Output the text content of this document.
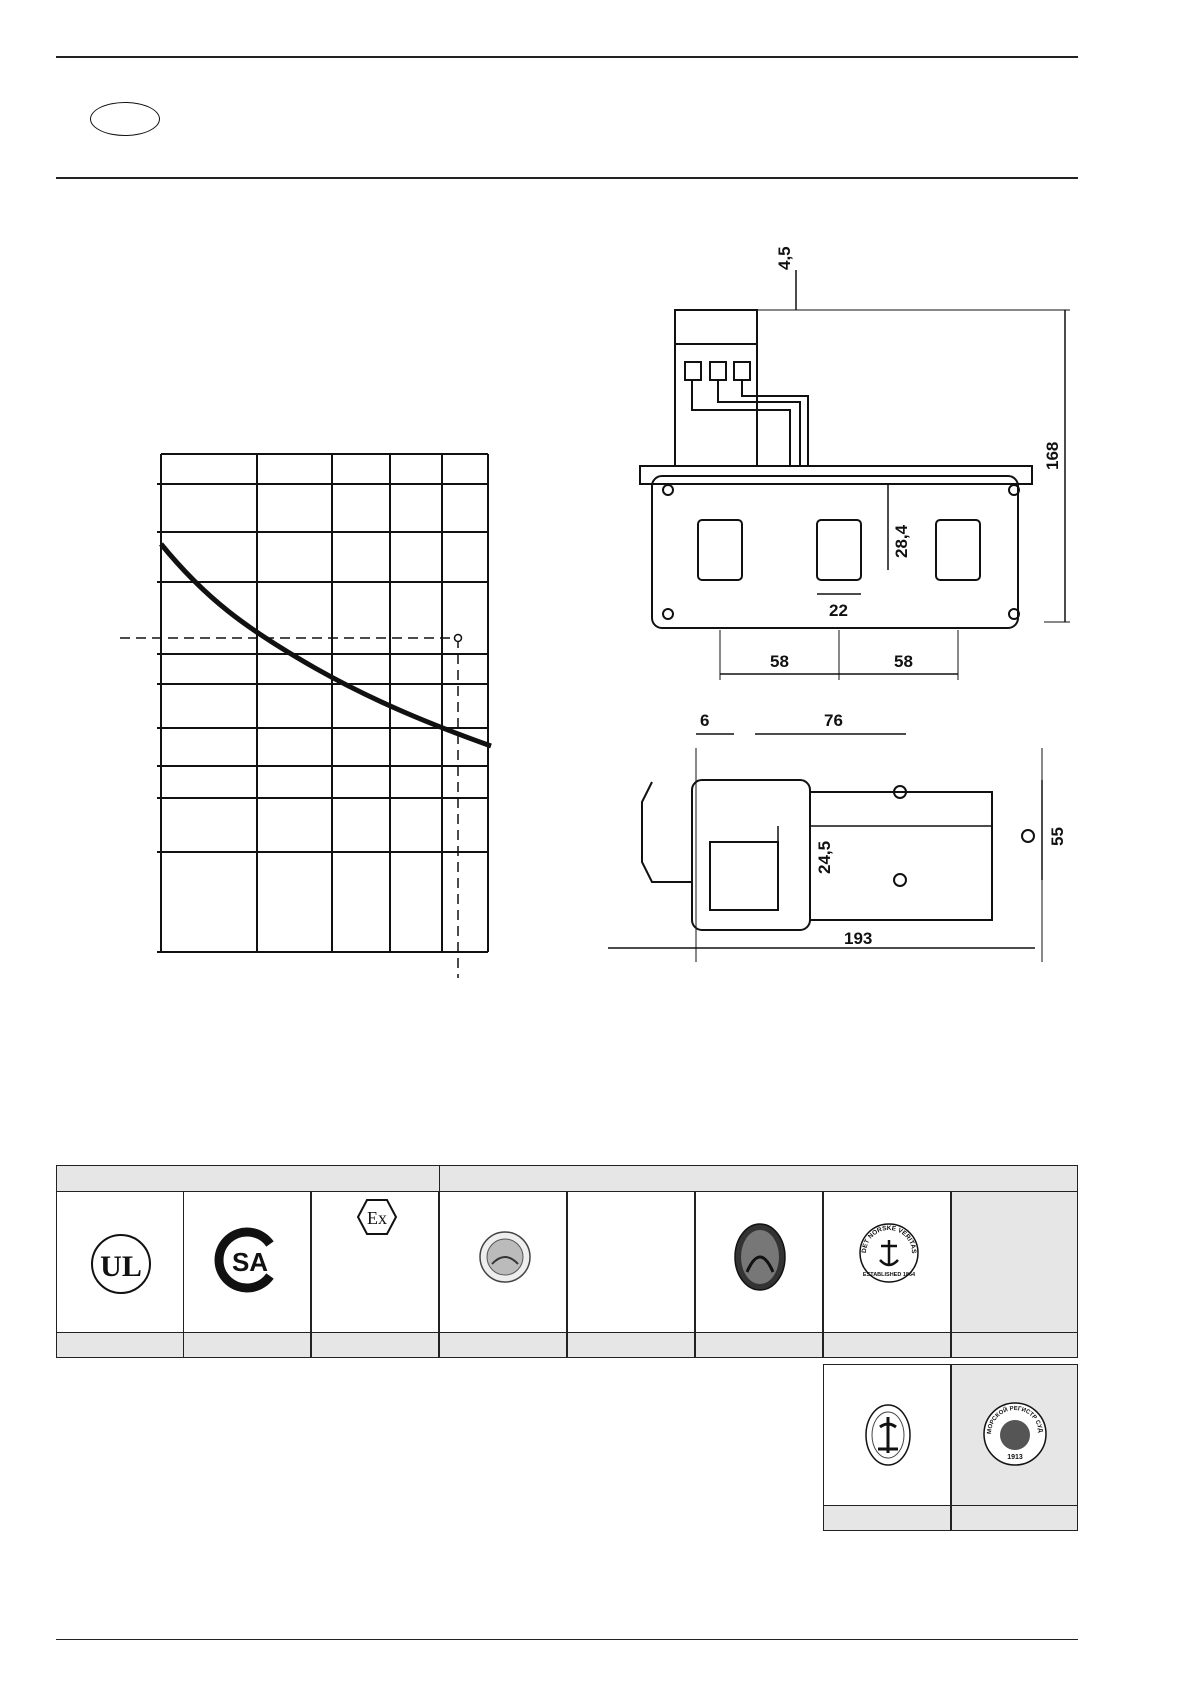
4,5
168
28,4
22
58	58
6	76
55
24,5
193
UL	SA
Ex
DET NORSKE VERITAS
ESTABLISHED 1864
МОРСКОЙ РЕГИСТР СУДОХОДСТВА
1913
